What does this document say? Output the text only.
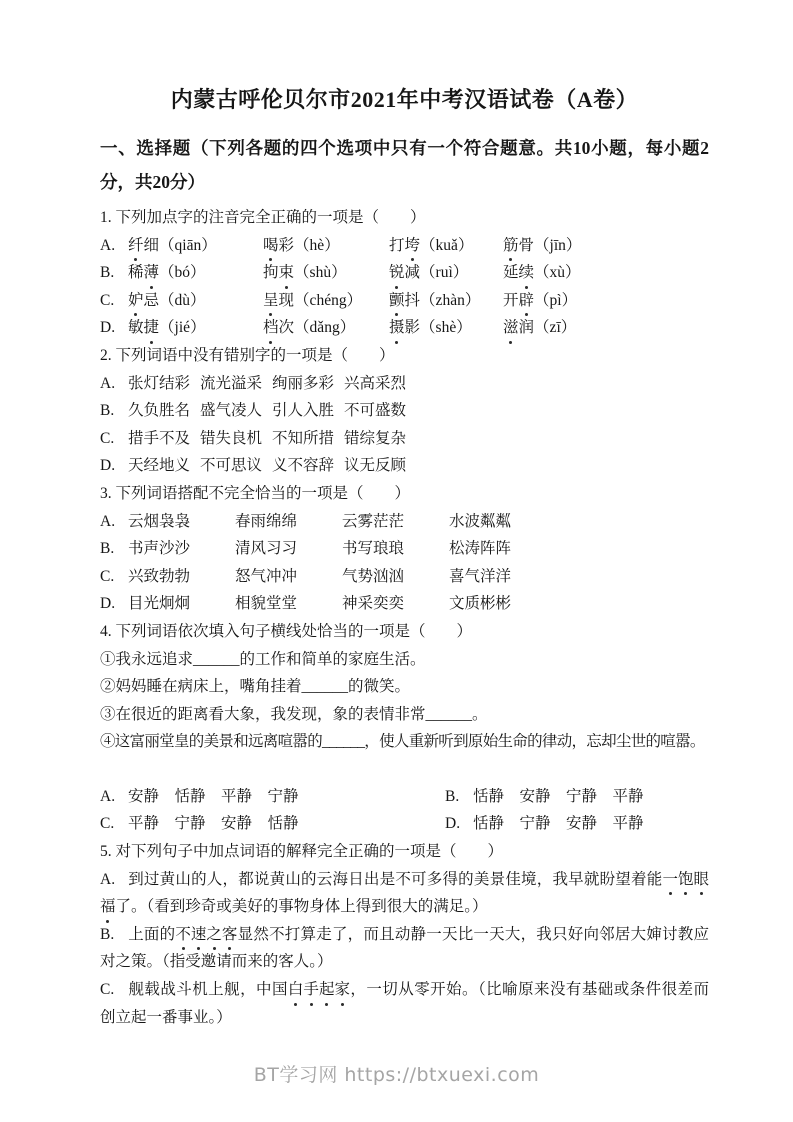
内蒙古呼伦贝尔市2021年中考汉语试卷（A卷）
一、选择题（下列各题的四个选项中只有一个符合题意。共10小题，每小题2分，共20分）
1. 下列加点字的注音完全正确的一项是（　　）
A. 纤细（qiān）	喝彩（hè）	打垮（kuǎ）	筋骨（jīn）
B. 稀薄（bó）	拘束（shù）	锐减（ruì）	延续（xù）
C. 妒忌（dù）	呈现（chéng）	颤抖（zhàn）	开辟（pì）
D. 敏捷（jié）	档次（dǎng）	摄影（shè）	滋润（zī）
2. 下列词语中没有错别字的一项是（　　）
A. 张灯结彩 流光溢采 绚丽多彩 兴高采烈
B. 久负胜名 盛气凌人 引人入胜 不可盛数
C. 措手不及 错失良机 不知所措 错综复杂
D. 天经地义 不可思议 义不容辞 议无反顾
3. 下列词语搭配不完全恰当的一项是（　　）
A. 云烟袅袅	春雨绵绵	云雾茫茫	水波粼粼
B. 书声沙沙	清风习习	书写琅琅	松涛阵阵
C. 兴致勃勃	怒气冲冲	气势汹汹	喜气洋洋
D. 目光炯炯	相貌堂堂	神采奕奕	文质彬彬
4. 下列词语依次填入句子横线处恰当的一项是（　　）
①我永远追求______的工作和简单的家庭生活。
②妈妈睡在病床上，嘴角挂着______的微笑。
③在很近的距离看大象，我发现，象的表情非常______。
④这富丽堂皇的美景和远离喧嚣的______，使人重新听到原始生命的律动，忘却尘世的喧嚣。
A. 安静　恬静　平静　宁静	B. 恬静　安静　宁静　平静
C. 平静　宁静　安静　恬静	D. 恬静　宁静　安静　平静
5. 对下列句子中加点词语的解释完全正确的一项是（　　）
A. 到过黄山的人，都说黄山的云海日出是不可多得的美景佳境，我早就盼望着能一饱眼福了。（看到珍奇或美好的事物身体上得到很大的满足。）
B. 上面的不速之客显然不打算走了，而且动静一天比一天大，我只好向邻居大婶讨教应对之策。（指受邀请而来的客人。）
C. 舰载战斗机上舰，中国白手起家，一切从零开始。（比喻原来没有基础或条件很差而创立起一番事业。）
BT学习网 https://btxuexi.com
